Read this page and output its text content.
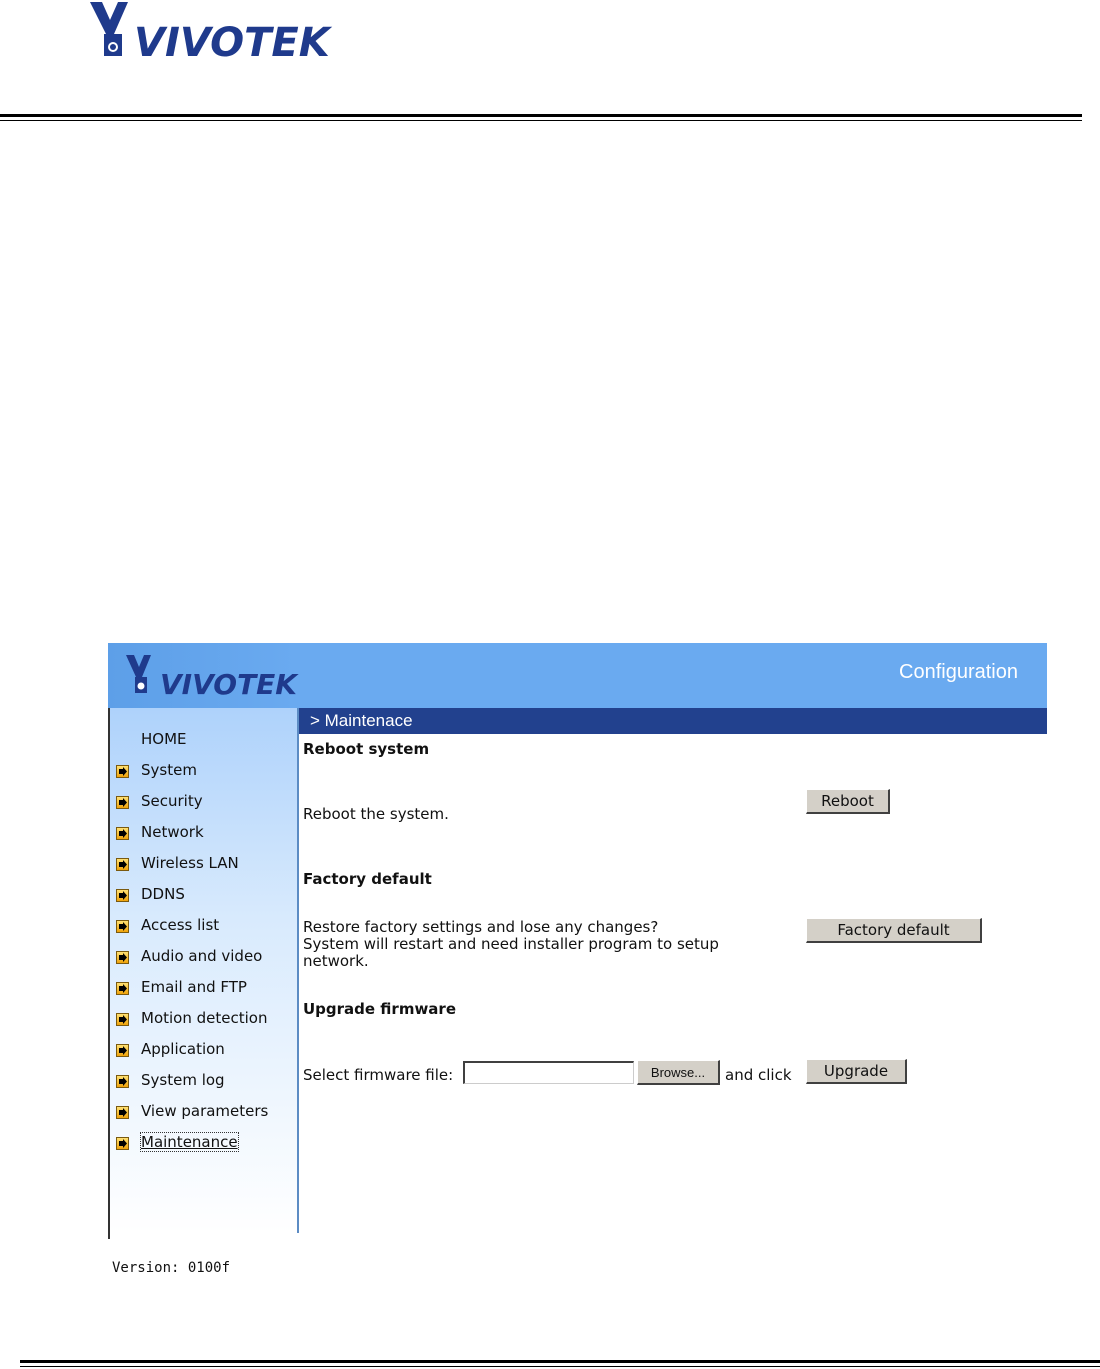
VIVOTEK
VIVOTEK	Configuration
HOME
System
Security
Network
Wireless LAN
DDNS
Access list
Audio and video
Email and FTP
Motion detection
Application
System log
View parameters
Maintenance
Version: 0100f
> Maintenace
Reboot system
Reboot the system.
Reboot
Factory default
Restore factory settings and lose any changes?
System will restart and need installer program to setup
network.
Factory default
Upgrade firmware
Select firmware file:	Browse...	and click	Upgrade
